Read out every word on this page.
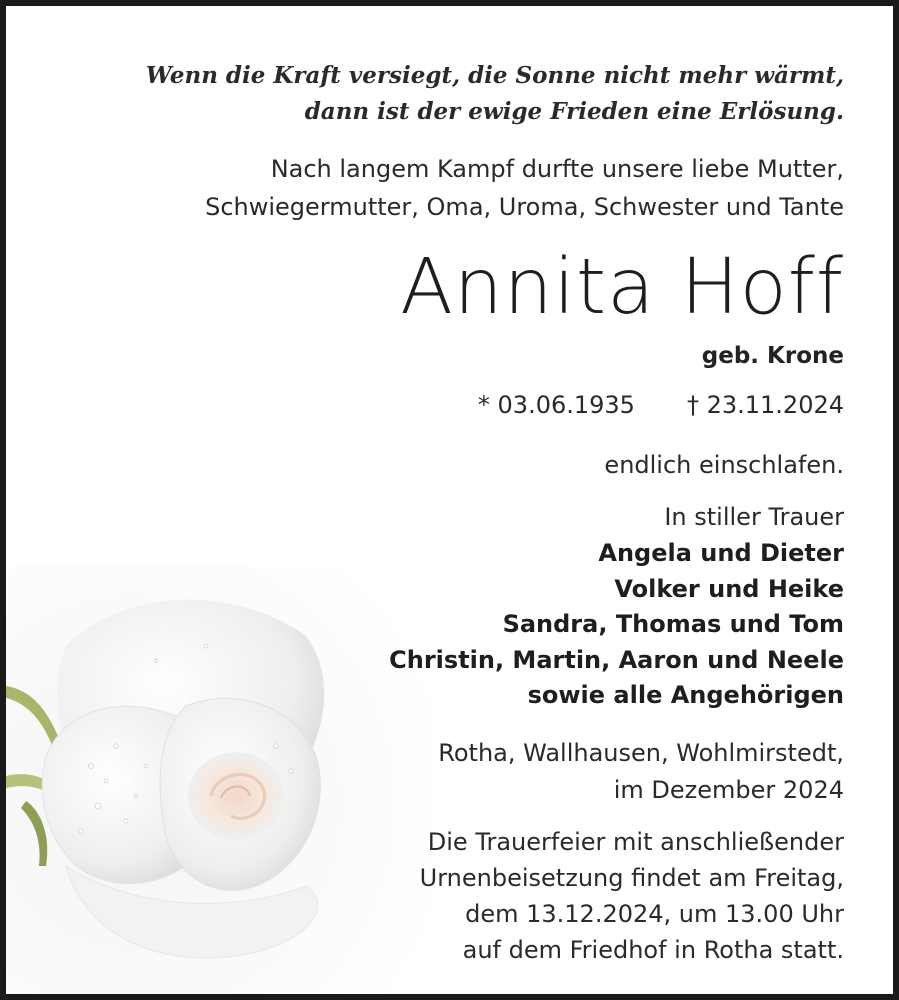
Wenn die Kraft versiegt, die Sonne nicht mehr wärmt,
dann ist der ewige Frieden eine Erlösung.
Nach langem Kampf durfte unsere liebe Mutter,
Schwiegermutter, Oma, Uroma, Schwester und Tante
Annita Hoff
geb. Krone
* 03.06.1935 † 23.11.2024
endlich einschlafen.
In stiller Trauer
Angela und Dieter
Volker und Heike
Sandra, Thomas und Tom
Christin, Martin, Aaron und Neele
sowie alle Angehörigen
Rotha, Wallhausen, Wohlmirstedt,
im Dezember 2024
Die Trauerfeier mit anschließender
Urnenbeisetzung findet am Freitag,
dem 13.12.2024, um 13.00 Uhr
auf dem Friedhof in Rotha statt.
